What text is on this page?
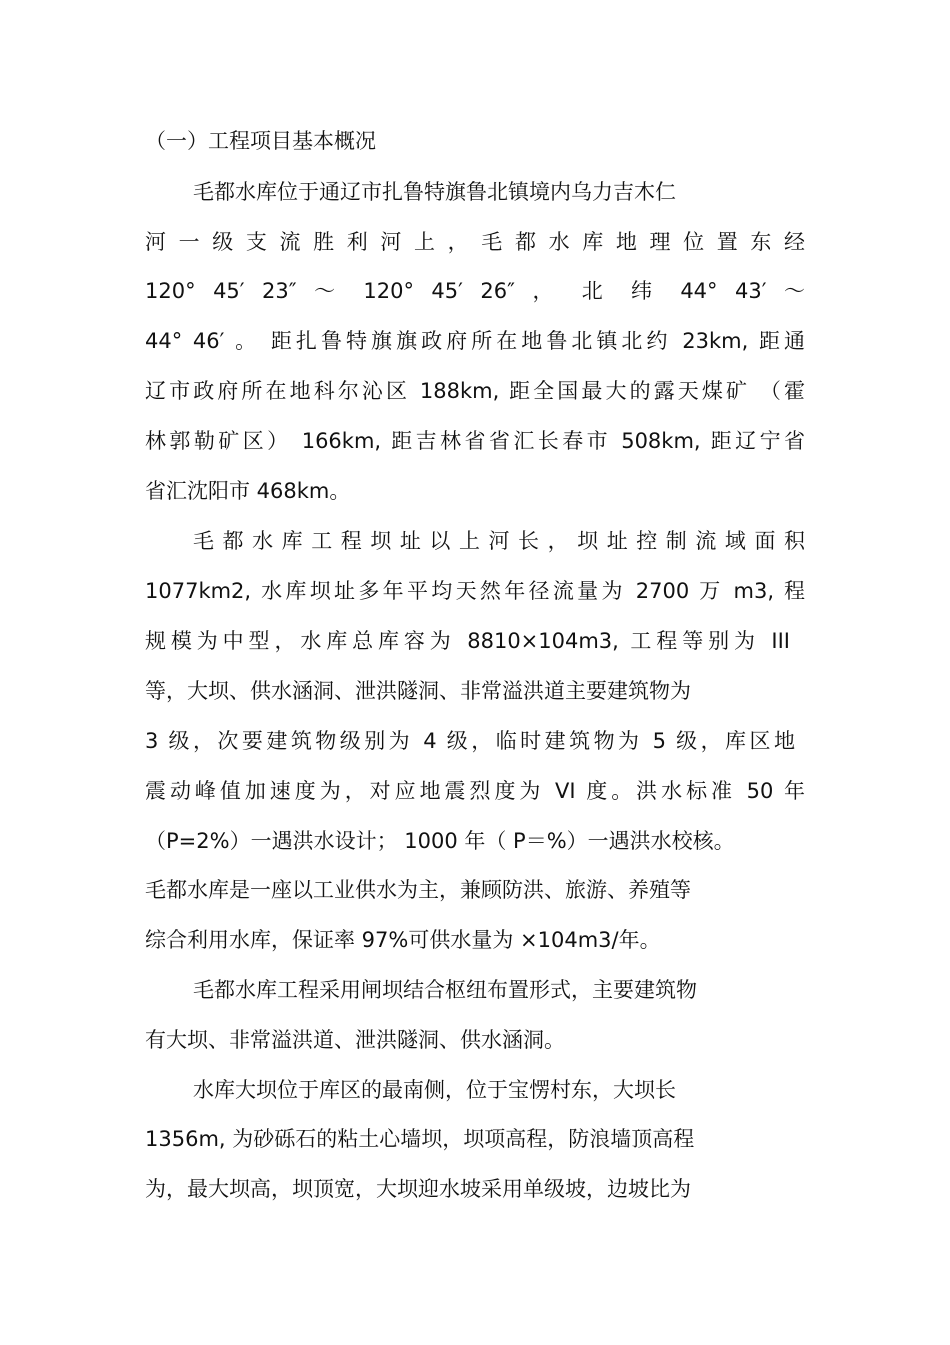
（一）工程项目基本概况
毛都水库位于通辽市扎鲁特旗鲁北镇境内乌力吉木仁
河 一 级 支 流 胜 利 河 上 ， 毛 都 水 库 地 理 位 置 东 经
120° 45′ 23″ ～ 120° 45′ 26″ ， 北 纬 44° 43′ ～
44° 46′ 。 距扎鲁特旗旗政府所在地鲁北镇北约 23km, 距通
辽市政府所在地科尔沁区 188km, 距全国最大的露天煤矿 （霍
林郭勒矿区） 166km, 距吉林省省汇长春市 508km, 距辽宁省
省汇沈阳市 468km。
毛 都 水 库 工 程 坝 址 以 上 河 长 ， 坝 址 控 制 流 域 面 积
1077km2, 水库坝址多年平均天然年径流量为 2700 万 m3, 程
规模为中型，水库总库容为 8810×104m3, 工程等别为 III
等，大坝、供水涵洞、泄洪隧洞、非常溢洪道主要建筑物为
3 级，次要建筑物级别为 4 级，临时建筑物为 5 级，库区地
震动峰值加速度为，对应地震烈度为 VI 度。洪水标准 50 年
（P=2%）一遇洪水设计； 1000 年（ P＝%）一遇洪水校核。
毛都水库是一座以工业供水为主，兼顾防洪、旅游、养殖等
综合利用水库，保证率 97%可供水量为 ×104m3/年。
毛都水库工程采用闸坝结合枢纽布置形式，主要建筑物
有大坝、非常溢洪道、泄洪隧洞、供水涵洞。
水库大坝位于库区的最南侧，位于宝愣村东，大坝长
1356m, 为砂砾石的粘土心墙坝，坝项高程，防浪墙顶高程
为，最大坝高，坝顶宽，大坝迎水坡采用单级坡，边坡比为
